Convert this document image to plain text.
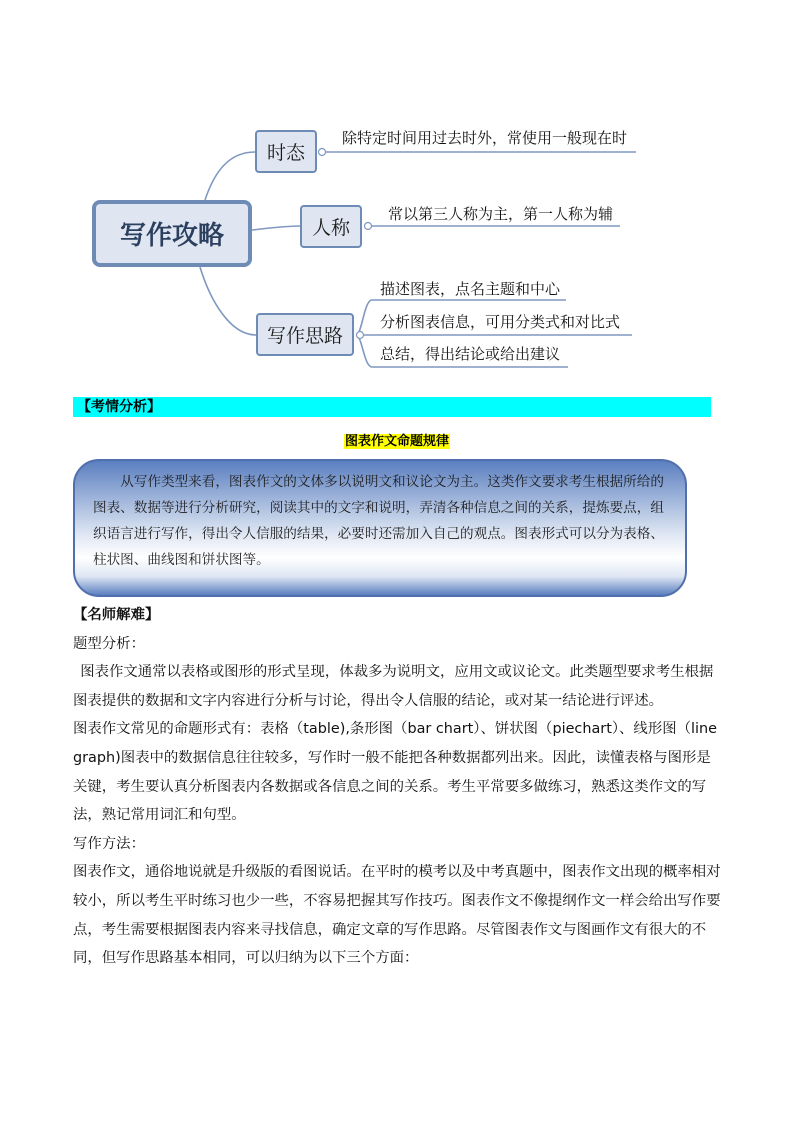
写作攻略
时态
人称
写作思路
除特定时间用过去时外，常使用一般现在时
常以第三人称为主，第一人称为辅
描述图表，点名主题和中心
分析图表信息，可用分类式和对比式
总结，得出结论或给出建议
【考情分析】
图表作文命题规律
从写作类型来看，图表作文的文体多以说明文和议论文为主。这类作文要求考生根据所给的图表、数据等进行分析研究，阅读其中的文字和说明，弄清各种信息之间的关系，提炼要点，组织语言进行写作，得出令人信服的结果，必要时还需加入自己的观点。图表形式可以分为表格、柱状图、曲线图和饼状图等。

【名师解难】

题型分析：

图表作文通常以表格或图形的形式呈现，体裁多为说明文，应用文或议论文。此类题型要求考生根据图表提供的数据和文字内容进行分析与讨论，得出令人信服的结论，或对某一结论进行评述。

图表作文常见的命题形式有：表格（table),条形图（bar chart）、饼状图（piechart）、线形图（line graph)图表中的数据信息往往较多，写作时一般不能把各种数据都列出来。因此，读懂表格与图形是关键，考生要认真分析图表内各数据或各信息之间的关系。考生平常要多做练习，熟悉这类作文的写法，熟记常用词汇和句型。

写作方法：

图表作文，通俗地说就是升级版的看图说话。在平时的模考以及中考真题中，图表作文出现的概率相对较小，所以考生平时练习也少一些，不容易把握其写作技巧。图表作文不像提纲作文一样会给出写作要点，考生需要根据图表内容来寻找信息，确定文章的写作思路。尽管图表作文与图画作文有很大的不同，但写作思路基本相同，可以归纳为以下三个方面：
